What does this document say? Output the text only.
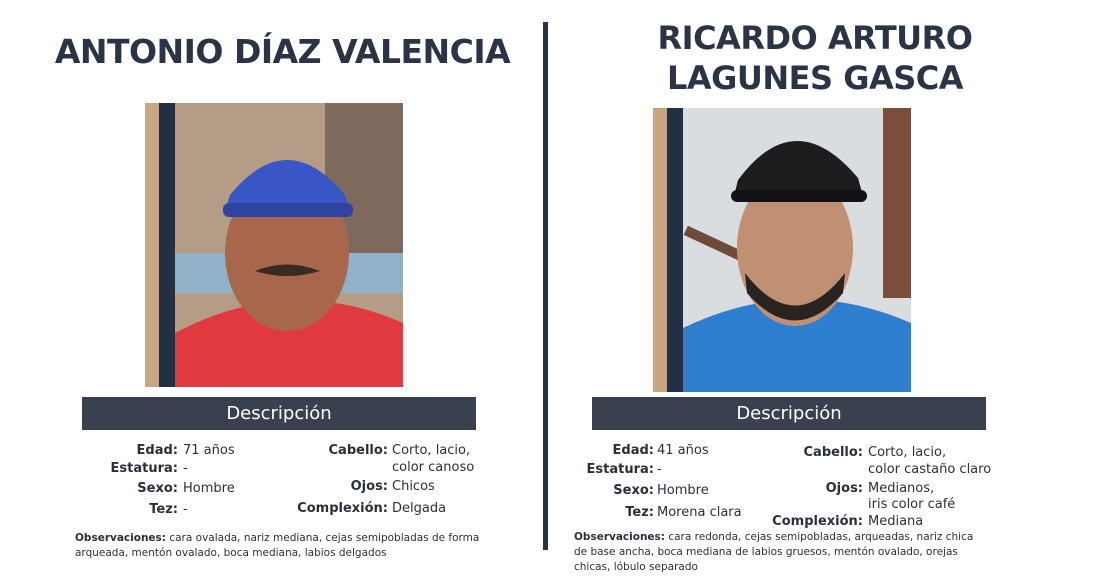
ANTONIO DÍAZ VALENCIA
Descripción
Edad: 71 años
Estatura: -
Sexo: Hombre
Tez: -
Cabello: Corto, lacio,
color canoso
Ojos: Chicos
Complexión: Delgada
Observaciones: cara ovalada, nariz mediana, cejas semipobladas de forma
arqueada, mentón ovalado, boca mediana, labios delgados
RICARDO ARTURO
LAGUNES GASCA
Descripción
Edad: 41 años
Estatura: -
Sexo: Hombre
Tez: Morena clara
Cabello: Corto, lacio,
color castaño claro
Ojos: Medianos,
iris color café
Complexión: Mediana
Observaciones: cara redonda, cejas semipobladas, arqueadas, nariz chica
de base ancha, boca mediana de labios gruesos, mentón ovalado, orejas
chicas, lóbulo separado
